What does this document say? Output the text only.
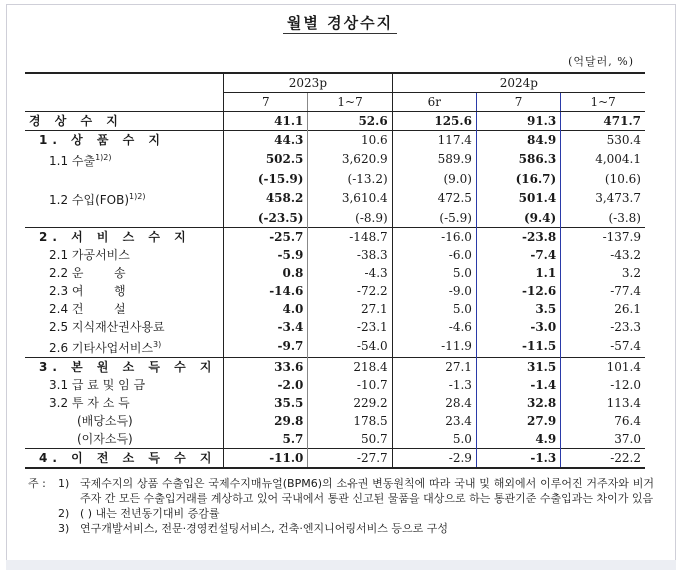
월별 경상수지
(억달러, %)
	2023p		2024p		
	7	1~7	6r	7	1~7
경 상 수 지	41.1	52.6	125.6	91.3	471.7
1. 상 품 수 지	44.3	10.6	117.4	84.9	530.4
1.1 수출$^{1)2)}$	502.5	3,620.9	589.9	586.3	4,004.1
	(-15.9)	(-13.2)	(9.0)	(16.7)	(10.6)
1.2 수입(FOB)$^{1)2)}$	458.2	3,610.4	472.5	501.4	3,473.7
	(-23.5)	(-8.9)	(-5.9)	(9.4)	(-3.8)
2. 서 비 스 수 지	-25.7	-148.7	-16.0	-23.8	-137.9
2.1 가공서비스	-5.9	-38.3	-6.0	-7.4	-43.2
2.2 운        송	0.8	-4.3	5.0	1.1	3.2
2.3 여        행	-14.6	-72.2	-9.0	-12.6	-77.4
2.4 건        설	4.0	27.1	5.0	3.5	26.1
2.5 지식재산권사용료	-3.4	-23.1	-4.6	-3.0	-23.3
2.6 기타사업서비스$^{3)}$	-9.7	-54.0	-11.9	-11.5	-57.4
3. 본 원 소 득 수 지	33.6	218.4	27.1	31.5	101.4
3.1 급 료 및 임 금	-2.0	-10.7	-1.3	-1.4	-12.0
3.2 투 자 소 득	35.5	229.2	28.4	32.8	113.4
(배당소득)	29.8	178.5	23.4	27.9	76.4
(이자소득)	5.7	50.7	5.0	4.9	37.0
4. 이 전 소 득 수 지	-11.0	-27.7	-2.9	-1.3	-22.2
주 :	1) 국제수지의 상품 수출입은 국제수지매뉴얼(BPM6)의 소유권 변동원칙에 따라 국내 및 해외에서 이루어진 거주자와 비거주자 간 모든 수출입거래를 계상하고 있어 국내에서 통관 신고된 물품을 대상으로 하는 통관기준 수출입과는 차이가 있음
2) ( ) 내는 전년동기대비 증감률
3) 연구개발서비스, 전문·경영컨설팅서비스, 건축·엔지니어링서비스 등으로 구성
